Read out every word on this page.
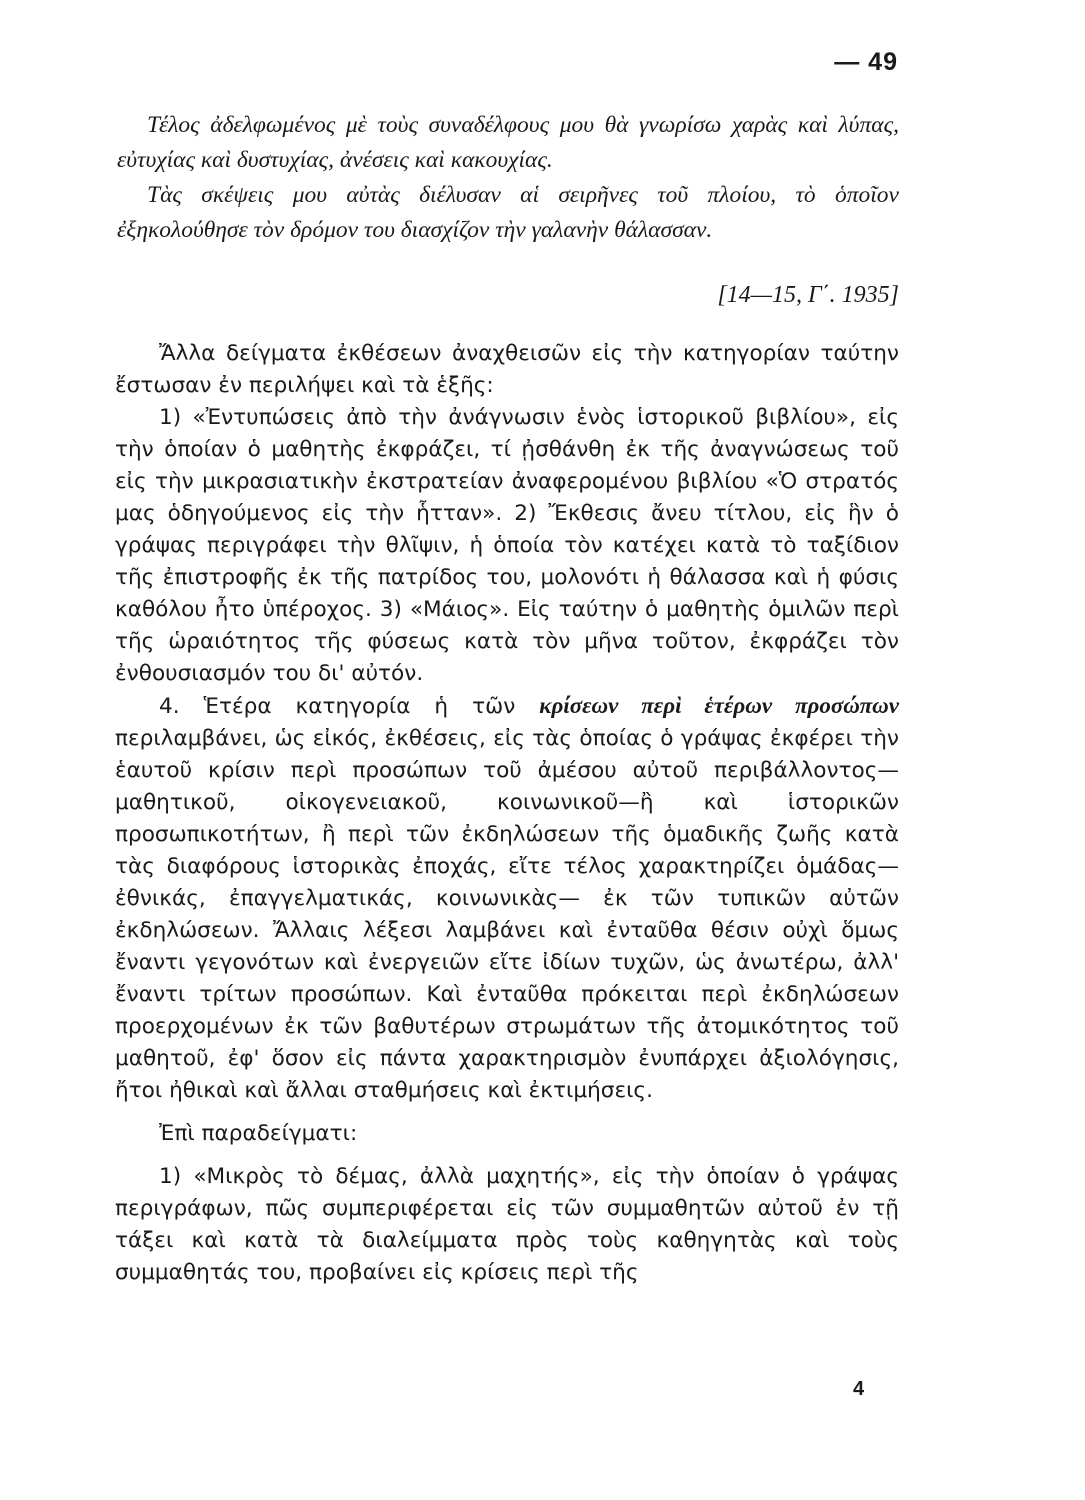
— 49

Τέλος ἀδελφωμένος μὲ τοὺς συναδέλφους μου θὰ γνωρίσω χαρὰς καὶ λύπας, εὐτυχίας καὶ δυστυχίας, ἀνέσεις καὶ κακουχίας.

Τὰς σκέψεις μου αὐτὰς διέλυσαν αἱ σειρῆνες τοῦ πλοίου, τὸ ὁποῖον ἐξηκολούθησε τὸν δρόμον του διασχίζον τὴν γαλανὴν θάλασσαν.

[14—15, Γ΄. 1935]

Ἄλλα δείγματα ἐκθέσεων ἀναχθεισῶν εἰς τὴν κατηγορίαν ταύτην ἔστωσαν ἐν περιλήψει καὶ τὰ ἑξῆς:

1) «Ἐντυπώσεις ἀπὸ τὴν ἀνάγνωσιν ἑνὸς ἱστορικοῦ βιβλίου», εἰς τὴν ὁποίαν ὁ μαθητὴς ἐκφράζει, τί ᾐσθάνθη ἐκ τῆς ἀναγνώσεως τοῦ εἰς τὴν μικρασιατικὴν ἐκστρατείαν ἀναφερομένου βιβλίου «Ὁ στρατός μας ὁδηγούμενος εἰς τὴν ἧτταν». 2) Ἔκθεσις ἄνευ τίτλου, εἰς ἣν ὁ γράψας περιγράφει τὴν θλῖψιν, ἡ ὁποία τὸν κατέχει κατὰ τὸ ταξίδιον τῆς ἐπιστροφῆς ἐκ τῆς πατρίδος του, μολονότι ἡ θάλασσα καὶ ἡ φύσις καθόλου ἦτο ὑπέροχος. 3) «Μάιος». Εἰς ταύτην ὁ μαθητὴς ὁμιλῶν περὶ τῆς ὡραιότητος τῆς φύσεως κατὰ τὸν μῆνα τοῦτον, ἐκφράζει τὸν ἐνθουσιασμόν του δι' αὐτόν.

4. Ἑτέρα κατηγορία ἡ τῶν κρίσεων περὶ ἑτέρων προσώπων περιλαμβάνει, ὡς εἰκός, ἐκθέσεις, εἰς τὰς ὁποίας ὁ γράψας ἐκφέρει τὴν ἑαυτοῦ κρίσιν περὶ προσώπων τοῦ ἀμέσου αὐτοῦ περιβάλλοντος—μαθητικοῦ, οἰκογενειακοῦ, κοινωνικοῦ—ἢ καὶ ἱστορικῶν προσωπικοτήτων, ἢ περὶ τῶν ἐκδηλώσεων τῆς ὁμαδικῆς ζωῆς κατὰ τὰς διαφόρους ἱστορικὰς ἐποχάς, εἴτε τέλος χαρακτηρίζει ὁμάδας—ἐθνικάς, ἐπαγγελματικάς, κοινωνικὰς— ἐκ τῶν τυπικῶν αὐτῶν ἐκδηλώσεων. Ἄλλαις λέξεσι λαμβάνει καὶ ἐνταῦθα θέσιν οὐχὶ ὅμως ἔναντι γεγονότων καὶ ἐνεργειῶν εἴτε ἰδίων τυχῶν, ὡς ἀνωτέρω, ἀλλ' ἔναντι τρίτων προσώπων. Καὶ ἐνταῦθα πρόκειται περὶ ἐκδηλώσεων προερχομένων ἐκ τῶν βαθυτέρων στρωμάτων τῆς ἀτομικότητος τοῦ μαθητοῦ, ἐφ' ὅσον εἰς πάντα χαρακτηρισμὸν ἐνυπάρχει ἀξιολόγησις, ἤτοι ἠθικαὶ καὶ ἄλλαι σταθμήσεις καὶ ἐκτιμήσεις.

Ἐπὶ παραδείγματι:

1) «Μικρὸς τὸ δέμας, ἀλλὰ μαχητής», εἰς τὴν ὁποίαν ὁ γράψας περιγράφων, πῶς συμπεριφέρεται εἰς τῶν συμμαθητῶν αὐτοῦ ἐν τῇ τάξει καὶ κατὰ τὰ διαλείμματα πρὸς τοὺς καθηγητὰς καὶ τοὺς συμμαθητάς του, προβαίνει εἰς κρίσεις περὶ τῆς

4
